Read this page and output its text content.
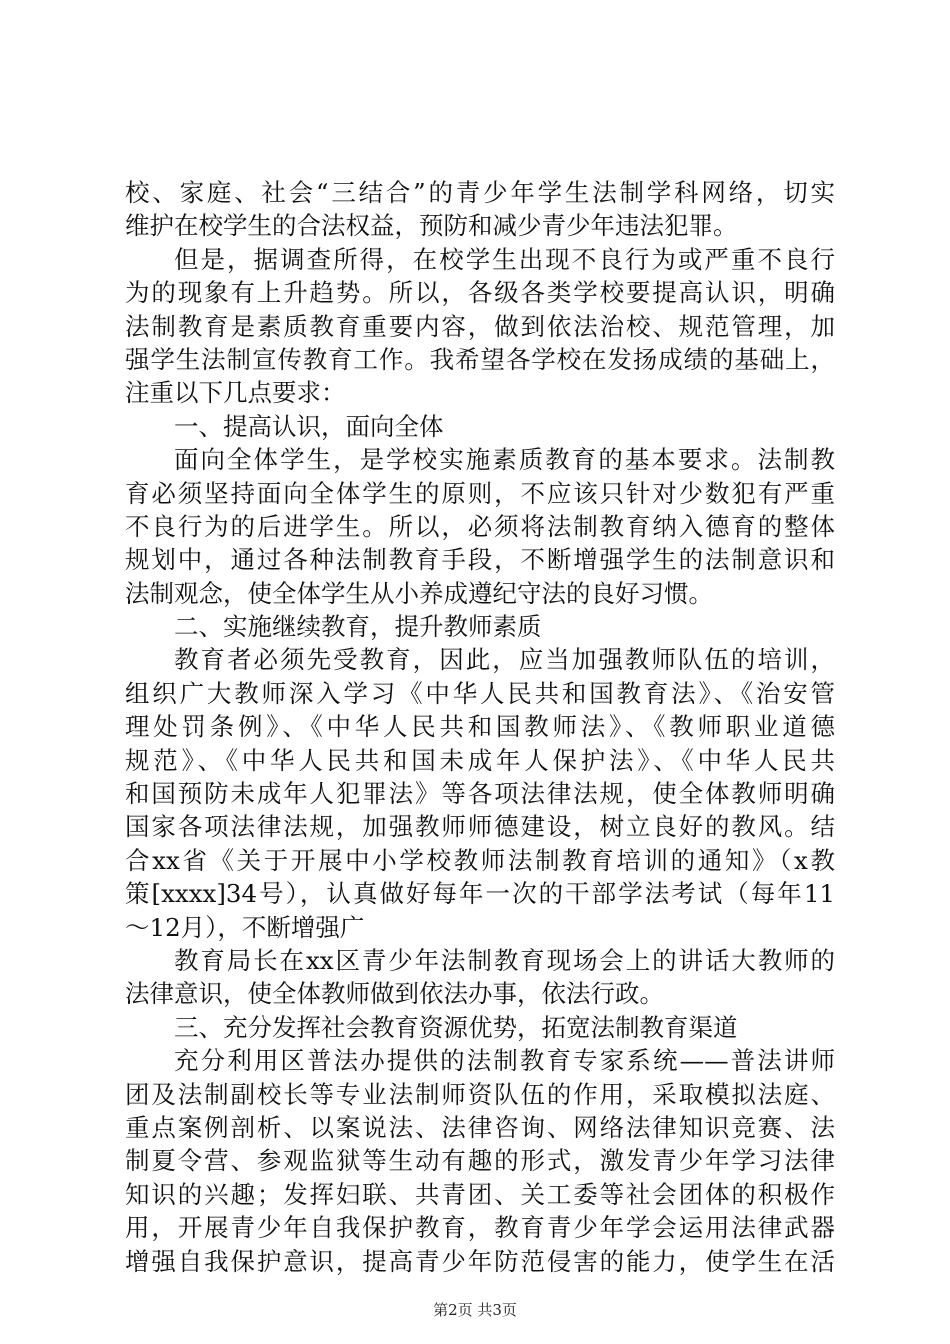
校、家庭、社会“三结合”的青少年学生法制学科网络，切实
维护在校学生的合法权益，预防和减少青少年违法犯罪。
但是，据调查所得，在校学生出现不良行为或严重不良行
为的现象有上升趋势。所以，各级各类学校要提高认识，明确
法制教育是素质教育重要内容，做到依法治校、规范管理，加
强学生法制宣传教育工作。我希望各学校在发扬成绩的基础上，
注重以下几点要求：
一、提高认识，面向全体
面向全体学生，是学校实施素质教育的基本要求。法制教
育必须坚持面向全体学生的原则，不应该只针对少数犯有严重
不良行为的后进学生。所以，必须将法制教育纳入德育的整体
规划中，通过各种法制教育手段，不断增强学生的法制意识和
法制观念，使全体学生从小养成遵纪守法的良好习惯。
二、实施继续教育，提升教师素质
教育者必须先受教育，因此，应当加强教师队伍的培训，
组织广大教师深入学习《中华人民共和国教育法》、《治安管
理处罚条例》、《中华人民共和国教师法》、《教师职业道德
规范》、《中华人民共和国未成年人保护法》、《中华人民共
和国预防未成年人犯罪法》等各项法律法规，使全体教师明确
国家各项法律法规，加强教师师德建设，树立良好的教风。结
合xx省《关于开展中小学校教师法制教育培训的通知》（x教
策[xxxx]34号），认真做好每年一次的干部学法考试（每年11
～12月），不断增强广
教育局长在xx区青少年法制教育现场会上的讲话大教师的
法律意识，使全体教师做到依法办事，依法行政。
三、充分发挥社会教育资源优势，拓宽法制教育渠道
充分利用区普法办提供的法制教育专家系统——普法讲师
团及法制副校长等专业法制师资队伍的作用，采取模拟法庭、
重点案例剖析、以案说法、法律咨询、网络法律知识竞赛、法
制夏令营、参观监狱等生动有趣的形式，激发青少年学习法律
知识的兴趣；发挥妇联、共青团、关工委等社会团体的积极作
用，开展青少年自我保护教育，教育青少年学会运用法律武器
增强自我保护意识，提高青少年防范侵害的能力，使学生在活
第2页 共3页
